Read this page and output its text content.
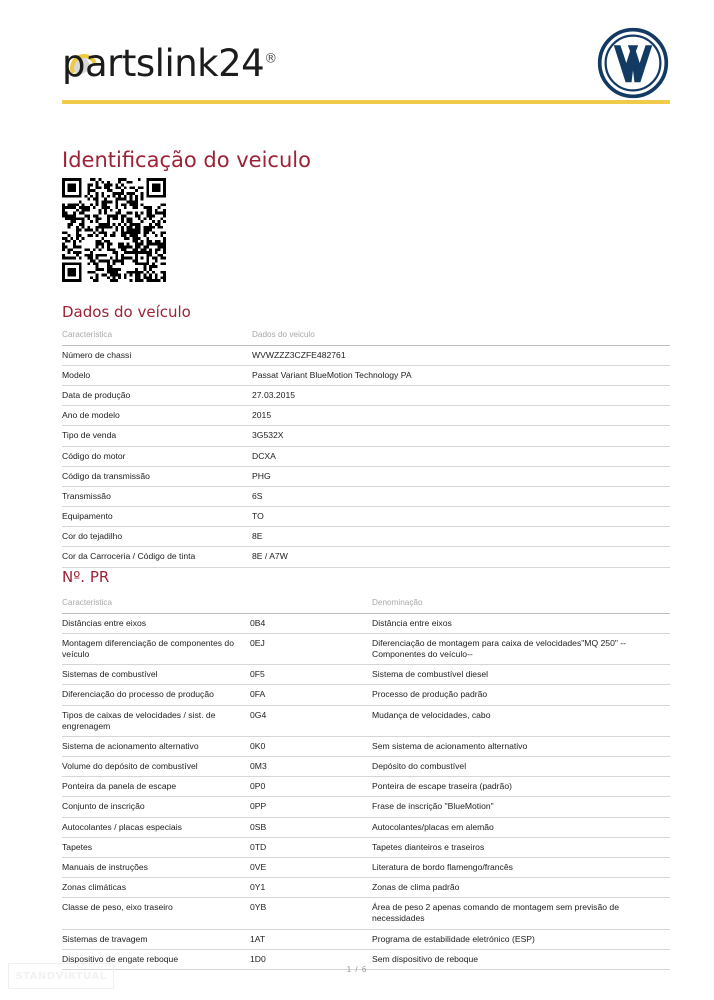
partslink24®
Identificação do veiculo
Dados do veículo
Caracteristica	Dados do veiculo
Número de chassi	WVWZZZ3CZFE482761
Modelo	Passat Variant BlueMotion Technology PA
Data de produção	27.03.2015
Ano de modelo	2015
Tipo de venda	3G532X
Código do motor	DCXA
Código da transmissão	PHG
Transmissão	6S
Equipamento	TO
Cor do tejadilho	8E
Cor da Carroceria / Código de tinta	8E / A7W
Nº. PR
Caracteristica		Denominação
Distâncias entre eixos	0B4	Distância entre eixos
Montagem diferenciação de componentes do veículo	0EJ	Diferenciação de montagem para caixa de velocidades"MQ 250" -- Componentes do veículo--
Sistemas de combustível	0F5	Sistema de combustível diesel
Diferenciação do processo de produção	0FA	Processo de produção padrão
Tipos de caixas de velocidades / sist. de engrenagem	0G4	Mudança de velocidades, cabo
Sistema de acionamento alternativo	0K0	Sem sistema de acionamento alternativo
Volume do depósito de combustível	0M3	Depósito do combustível
Ponteira da panela de escape	0P0	Ponteira de escape traseira (padrão)
Conjunto de inscrição	0PP	Frase de inscrição "BlueMotion"
Autocolantes / placas especiais	0SB	Autocolantes/placas em alemão
Tapetes	0TD	Tapetes dianteiros e traseiros
Manuais de instruções	0VE	Literatura de bordo flamengo/francês
Zonas climáticas	0Y1	Zonas de clima padrão
Classe de peso, eixo traseiro	0YB	Área de peso 2 apenas comando de montagem sem previsão de necessidades
Sistemas de travagem	1AT	Programa de estabilidade eletrónico (ESP)
Dispositivo de engate reboque	1D0	Sem dispositivo de reboque
1 / 6
STANDVIRTUAL
